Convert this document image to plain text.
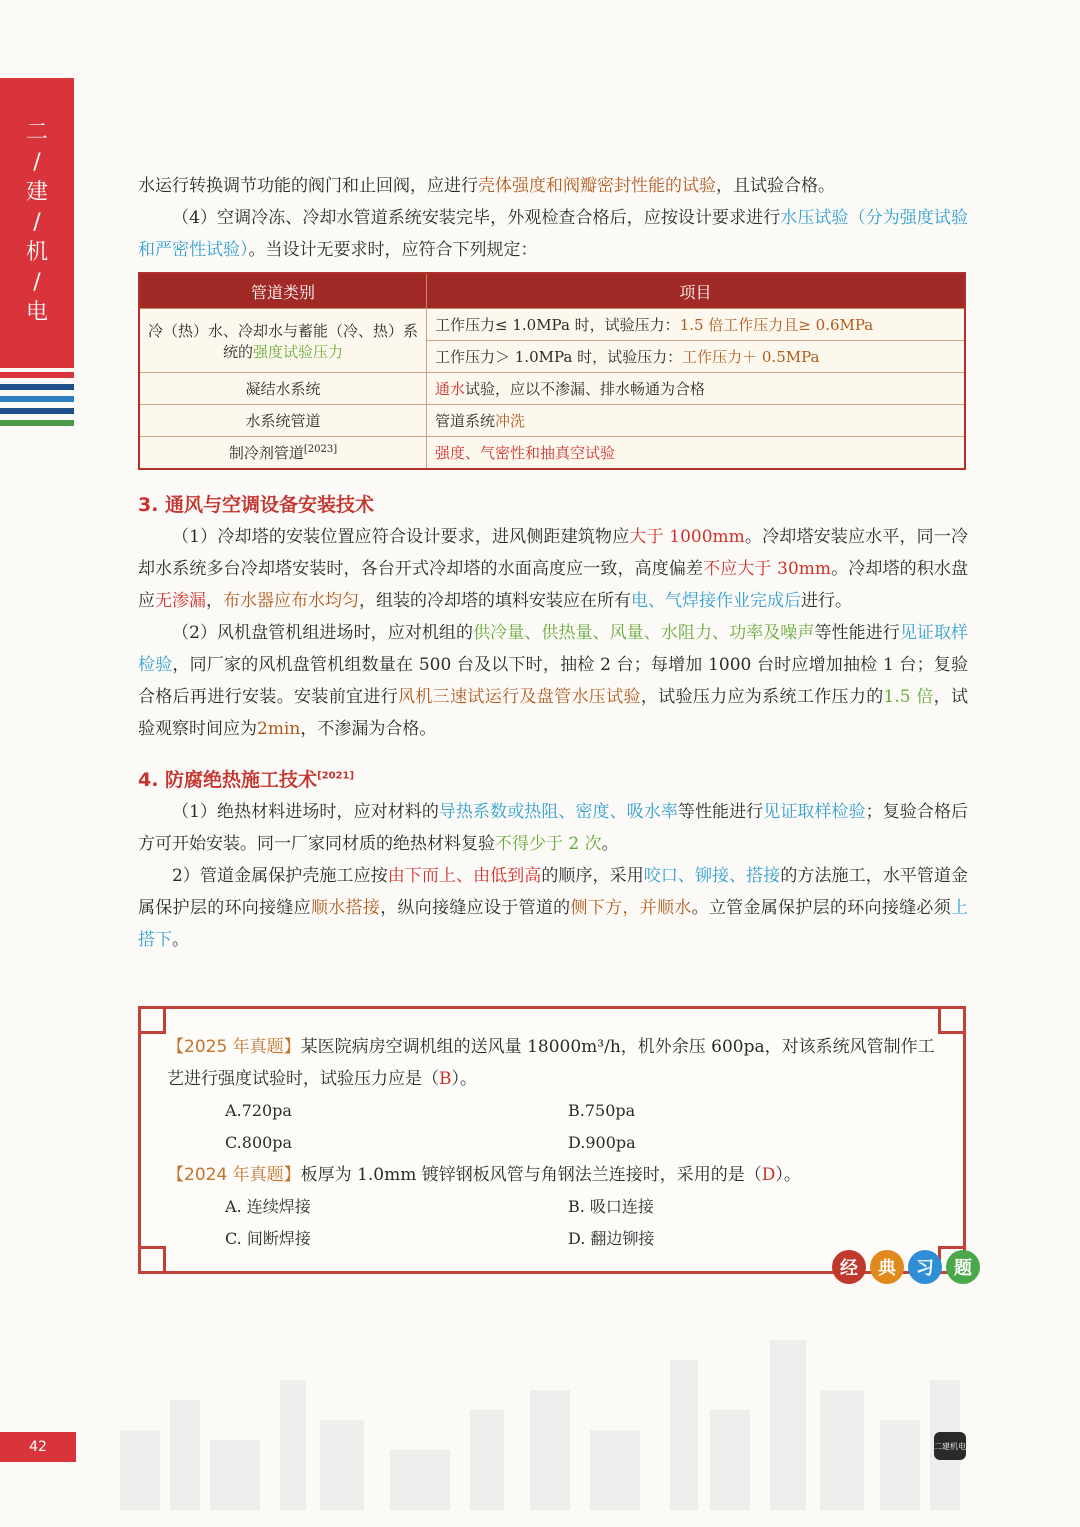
二
/
建
/
机
/
电

水运行转换调节功能的阀门和止回阀，应进行壳体强度和阀瓣密封性能的试验，且试验合格。

（4）空调冷冻、冷却水管道系统安装完毕，外观检查合格后，应按设计要求进行水压试验（分为强度试验和严密性试验）。当设计无要求时，应符合下列规定：

管道类别	项目
冷（热）水、冷却水与蓄能（冷、热）系统的强度试验压力	工作压力≤ 1.0MPa 时，试验压力：1.5 倍工作压力且≥ 0.6MPa
	工作压力＞ 1.0MPa 时，试验压力：工作压力＋ 0.5MPa
凝结水系统	通水试验，应以不渗漏、排水畅通为合格
水系统管道	管道系统冲洗
制冷剂管道[2023]	强度、气密性和抽真空试验
3. 通风与空调设备安装技术

（1）冷却塔的安装位置应符合设计要求，进风侧距建筑物应大于 1000mm。冷却塔安装应水平，同一冷却水系统多台冷却塔安装时，各台开式冷却塔的水面高度应一致，高度偏差不应大于 30mm。冷却塔的积水盘应无渗漏，布水器应布水均匀，组装的冷却塔的填料安装应在所有电、气焊接作业完成后进行。

（2）风机盘管机组进场时，应对机组的供冷量、供热量、风量、水阻力、功率及噪声等性能进行见证取样检验，同厂家的风机盘管机组数量在 500 台及以下时，抽检 2 台；每增加 1000 台时应增加抽检 1 台；复验合格后再进行安装。安装前宜进行风机三速试运行及盘管水压试验，试验压力应为系统工作压力的1.5 倍，试验观察时间应为2min，不渗漏为合格。

4. 防腐绝热施工技术[2021]

（1）绝热材料进场时，应对材料的导热系数或热阻、密度、吸水率等性能进行见证取样检验；复验合格后方可开始安装。同一厂家同材质的绝热材料复验不得少于 2 次。

2）管道金属保护壳施工应按由下而上、由低到高的顺序，采用咬口、铆接、搭接的方法施工，水平管道金属保护层的环向接缝应顺水搭接，纵向接缝应设于管道的侧下方，并顺水。立管金属保护层的环向接缝必须上搭下。

【2025 年真题】某医院病房空调机组的送风量 18000m³/h，机外余压 600pa，对该系统风管制作工艺进行强度试验时，试验压力应是（B）。

A.720pa	B.750pa
C.800pa	D.900pa

【2024 年真题】板厚为 1.0mm 镀锌钢板风管与角钢法兰连接时，采用的是（D）。

A. 连续焊接	B. 吸口连接
C. 间断焊接	D. 翻边铆接
经	典	习	题
42	二建机电
